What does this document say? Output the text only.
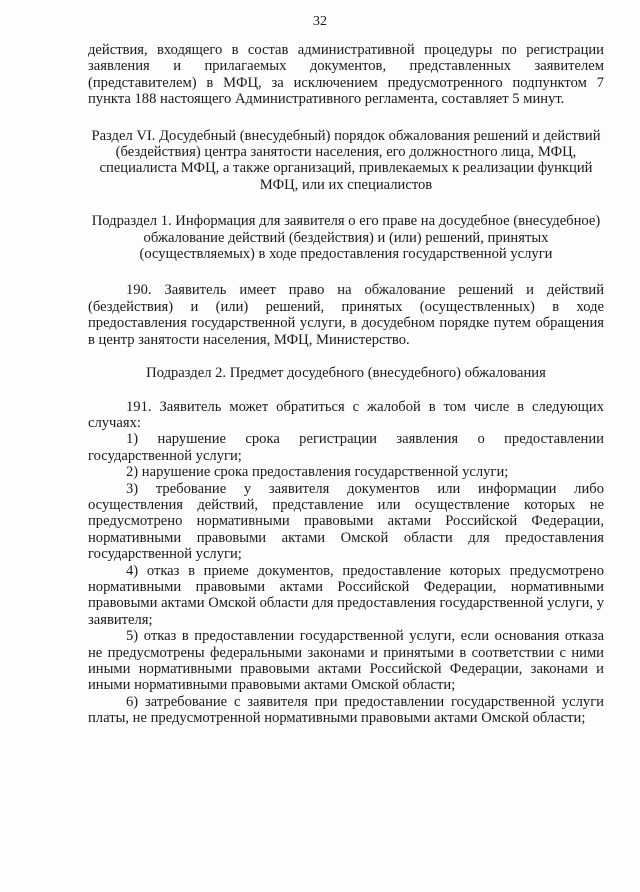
32

действия, входящего в состав административной процедуры по регистрации заявления и прилагаемых документов, представленных заявителем (представителем) в МФЦ, за исключением предусмотренного подпунктом 7 пункта 188 настоящего Административного регламента, составляет 5 минут.

Раздел VI. Досудебный (внесудебный) порядок обжалования решений и действий (бездействия) центра занятости населения, его должностного лица, МФЦ, специалиста МФЦ, а также организаций, привлекаемых к реализации функций МФЦ, или их специалистов

Подраздел 1. Информация для заявителя о его праве на досудебное (внесудебное) обжалование действий (бездействия) и (или) решений, принятых (осуществляемых) в ходе предоставления государственной услуги

190. Заявитель имеет право на обжалование решений и действий (бездействия) и (или) решений, принятых (осуществленных) в ходе предоставления государственной услуги, в досудебном порядке путем обращения в центр занятости населения, МФЦ, Министерство.

Подраздел 2. Предмет досудебного (внесудебного) обжалования

191. Заявитель может обратиться с жалобой в том числе в следующих случаях:

1) нарушение срока регистрации заявления о предоставлении государственной услуги;

2) нарушение срока предоставления государственной услуги;

3) требование у заявителя документов или информации либо осуществления действий, представление или осуществление которых не предусмотрено нормативными правовыми актами Российской Федерации, нормативными правовыми актами Омской области для предоставления государственной услуги;

4) отказ в приеме документов, предоставление которых предусмотрено нормативными правовыми актами Российской Федерации, нормативными правовыми актами Омской области для предоставления государственной услуги, у заявителя;

5) отказ в предоставлении государственной услуги, если основания отказа не предусмотрены федеральными законами и принятыми в соответствии с ними иными нормативными правовыми актами Российской Федерации, законами и иными нормативными правовыми актами Омской области;

6) затребование с заявителя при предоставлении государственной услуги платы, не предусмотренной нормативными правовыми актами Омской области;
